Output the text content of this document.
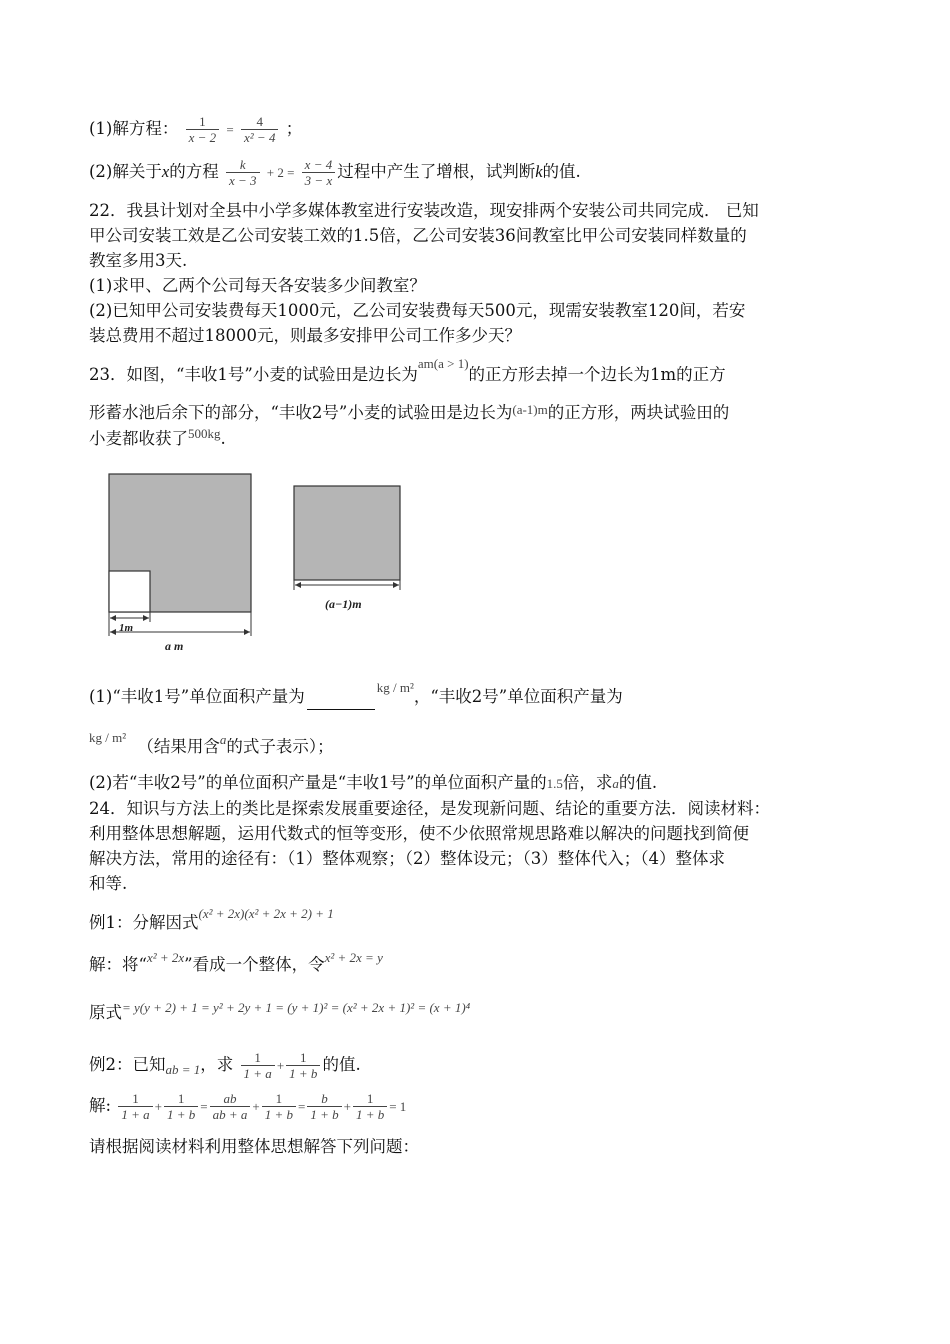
(1)解方程： $\frac{1}{x - 2} = \frac{4}{\text{x² − 4}}$ ；
(2)解关于x的方程 $\frac{k}{x - 3} + 2 = \frac{x - 4}{3 - x}$ 过程中产生了增根，试判断k的值.
22．我县计划对全县中小学多媒体教室进行安装改造，现安排两个安装公司共同完成． 已知
甲公司安装工效是乙公司安装工效的1.5倍，乙公司安装36间教室比甲公司安装同样数量的
教室多用3天.
(1)求甲、乙两个公司每天各安装多少间教室？
(2)已知甲公司安装费每天1000元，乙公司安装费每天500元，现需安装教室120间，若安
装总费用不超过18000元，则最多安排甲公司工作多少天？
23．如图，“丰收1号”小麦的试验田是边长为$^{am(a > 1)}$的正方形去掉一个边长为1m的正方
形蓄水池后余下的部分，“丰收2号”小麦的试验田是边长为$^{(a-1)m}$的正方形，两块试验田的
小麦都收获了$^{500kg}$.
1m
a m
(a−1)m
(1)“丰收1号”单位面积产量为	$^{kg / m^2}$，“丰收2号”单位面积产量为
$^{kg / m^2}$ （结果用含$^a$的式子表示）；
(2)若“丰收2号”的单位面积产量是“丰收1号”的单位面积产量的1.5倍，求a的值.
24．知识与方法上的类比是探索发展重要途径，是发现新问题、结论的重要方法．阅读材料：
利用整体思想解题，运用代数式的恒等变形，使不少依照常规思路难以解决的问题找到简便
解决方法，常用的途径有：（1）整体观察；（2）整体设元；（3）整体代入；（4）整体求
和等.
例1：分解因式$^{(x^2 + 2x)(x^2 + 2x + 2) + 1}$
解：将“$^{x^2 + 2x}$”看成一个整体，令$^{x^2 + 2x = y}$
原式$^{= y(y + 2) + 1 = y^2 + 2y + 1 = (y + 1)^2 = (x^2 + 2x + 1)^2 = (x + 1)^4}$
例2：已知$_{ab = 1}$，求 $\frac{1}{1 + a} + \frac{1}{1 + b}$ 的值.
解: $\frac{1}{1 + a} + \frac{1}{1 + b} = \frac{ab}{ab + a} + \frac{1}{1 + b} = \frac{b}{1 + b} + \frac{1}{1 + b} = 1$
请根据阅读材料利用整体思想解答下列问题：
